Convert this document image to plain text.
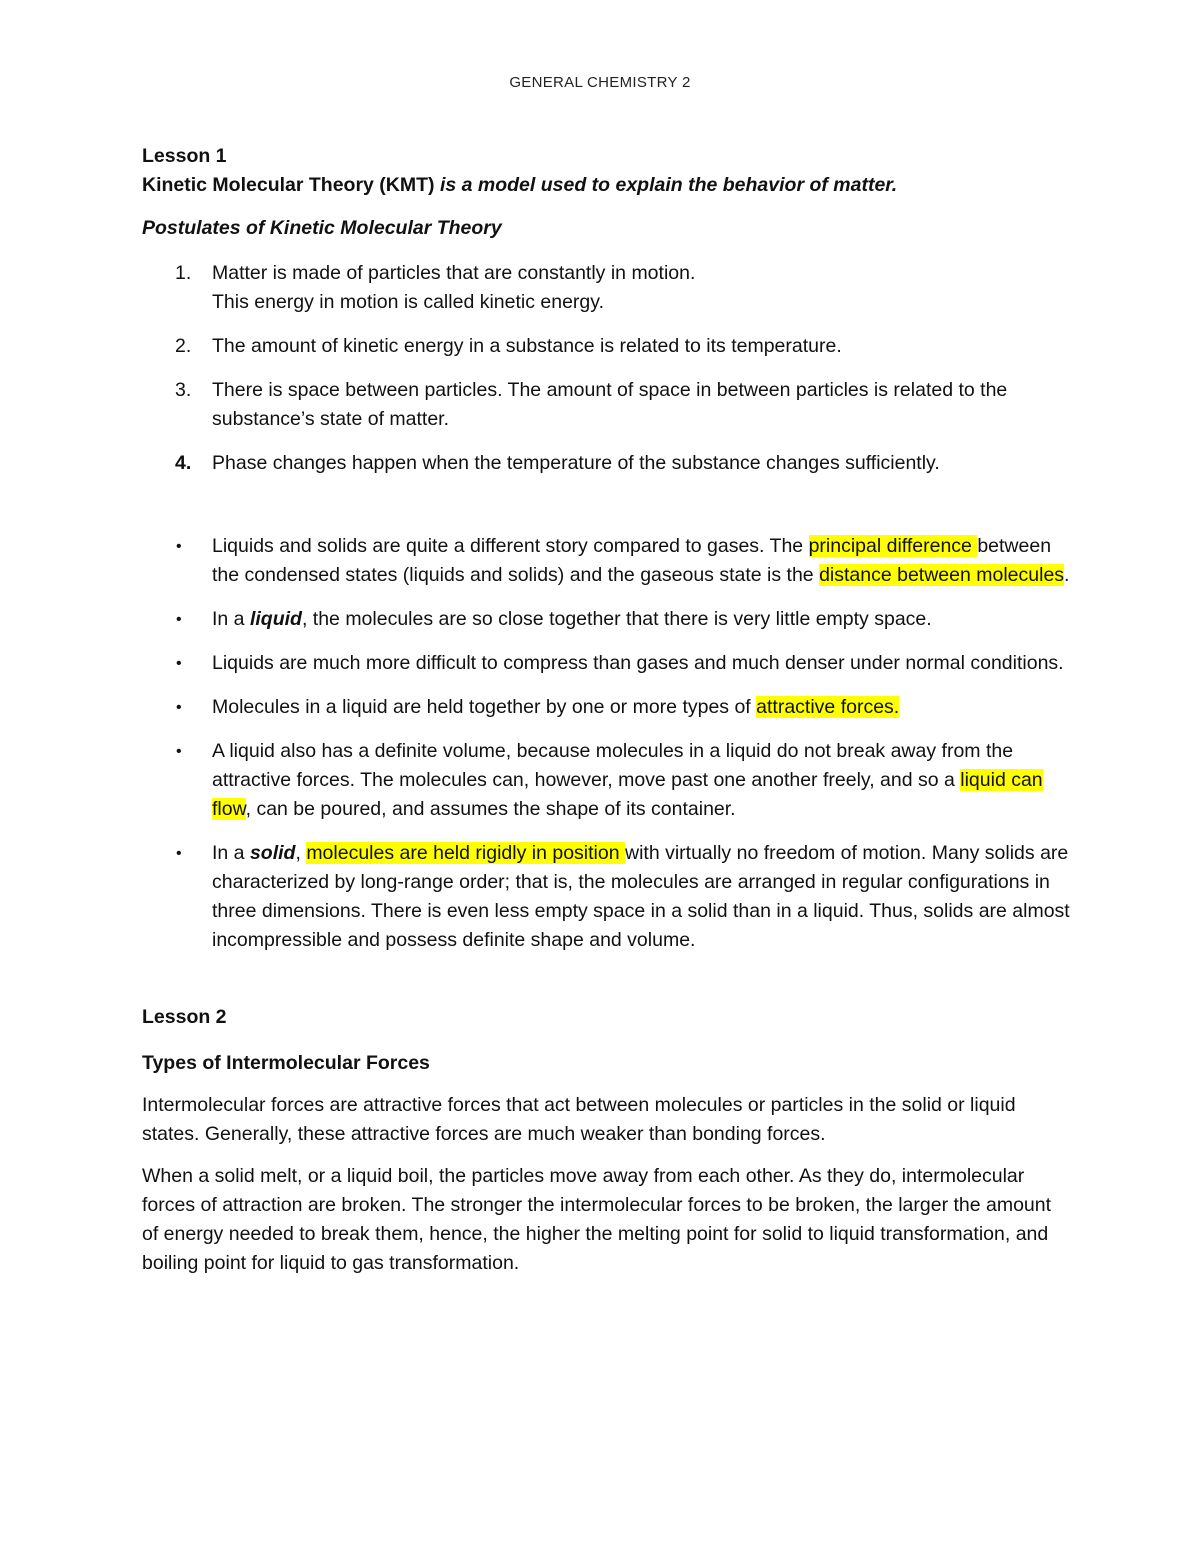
GENERAL CHEMISTRY 2

Lesson 1

Kinetic Molecular Theory (KMT) is a model used to explain the behavior of matter.

Postulates of Kinetic Molecular Theory

1. Matter is made of particles that are constantly in motion.
This energy in motion is called kinetic energy.
2. The amount of kinetic energy in a substance is related to its temperature.
3. There is space between particles. The amount of space in between particles is related to the substance’s state of matter.
4. Phase changes happen when the temperature of the substance changes sufficiently.
• Liquids and solids are quite a different story compared to gases. The principal difference between the condensed states (liquids and solids) and the gaseous state is the distance between molecules.
• In a liquid, the molecules are so close together that there is very little empty space.
• Liquids are much more difficult to compress than gases and much denser under normal conditions.
• Molecules in a liquid are held together by one or more types of attractive forces.
• A liquid also has a definite volume, because molecules in a liquid do not break away from the attractive forces. The molecules can, however, move past one another freely, and so a liquid can flow, can be poured, and assumes the shape of its container.
• In a solid, molecules are held rigidly in position with virtually no freedom of motion. Many solids are characterized by long-range order; that is, the molecules are arranged in regular configurations in three dimensions. There is even less empty space in a solid than in a liquid. Thus, solids are almost incompressible and possess definite shape and volume.

Lesson 2

Types of Intermolecular Forces

Intermolecular forces are attractive forces that act between molecules or particles in the solid or liquid states. Generally, these attractive forces are much weaker than bonding forces.

When a solid melt, or a liquid boil, the particles move away from each other. As they do, intermolecular forces of attraction are broken. The stronger the intermolecular forces to be broken, the larger the amount of energy needed to break them, hence, the higher the melting point for solid to liquid transformation, and boiling point for liquid to gas transformation.
